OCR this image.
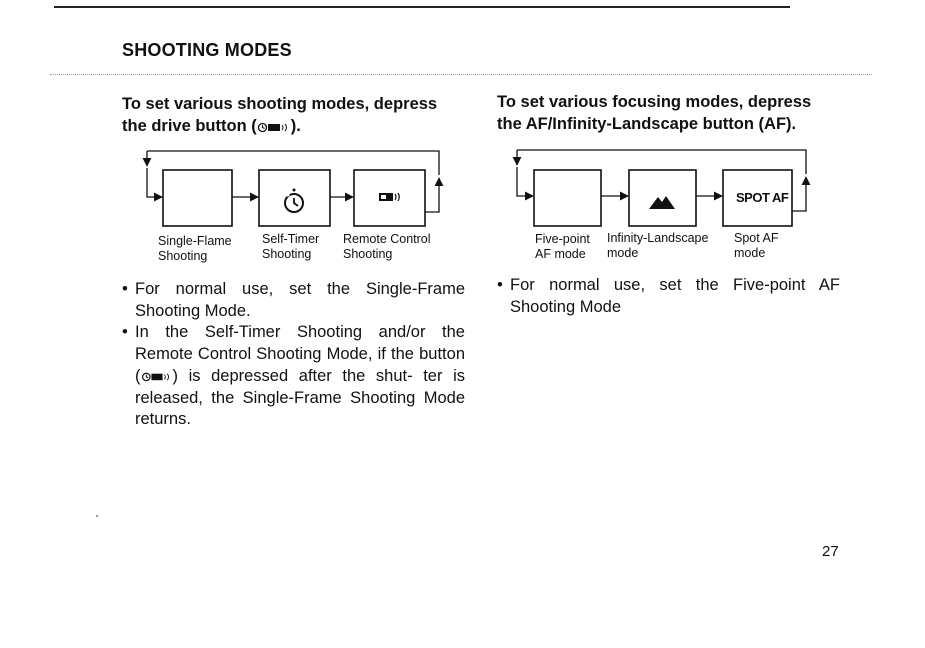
SHOOTING MODES
To set various shooting modes, depress
the drive button ( ).
To set various focusing modes, depress
the AF/Infinity-Landscape button (AF).
SPOT AF
Single-Flame
Shooting
Self-Timer
Shooting
Remote Control
Shooting
Five-point
AF mode
Infinity-Landscape
mode
Spot AF
mode
• For normal use, set the Single-Frame Shooting Mode.
• In the Self-Timer Shooting and/or the Remote Control Shooting Mode, if the button ( ) is depressed after the shut- ter is released, the Single-Frame Shooting Mode returns.
• For normal use, set the Five-point AF Shooting Mode
27
